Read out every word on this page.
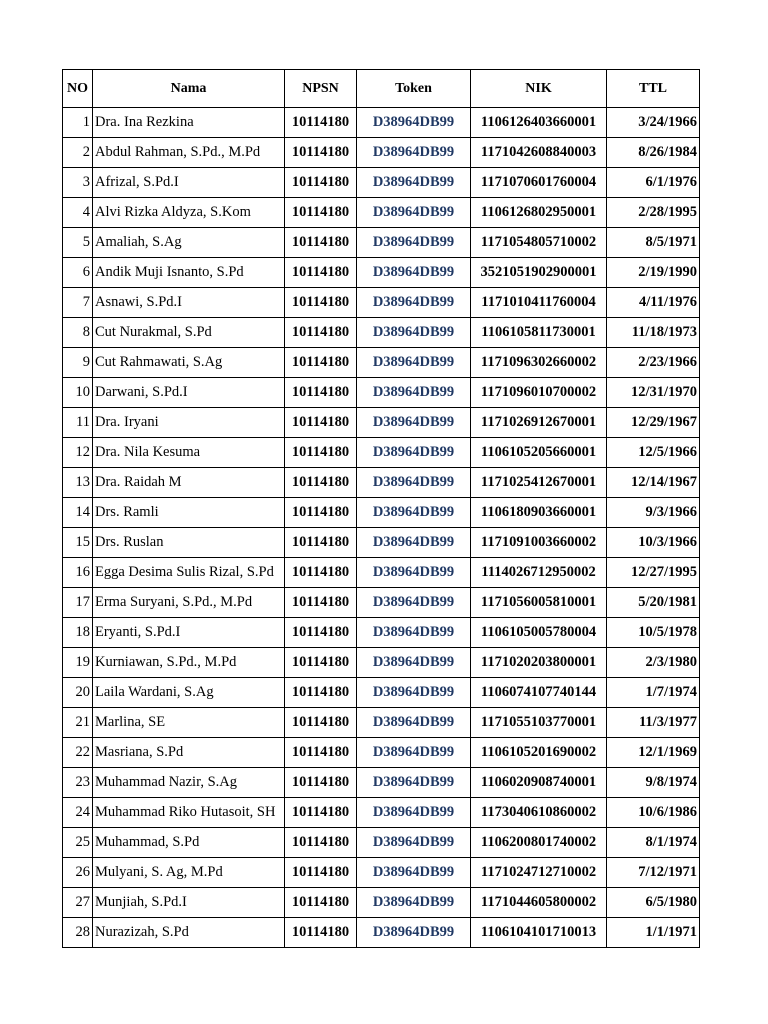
NO	Nama	NPSN	Token	NIK	TTL
1	Dra. Ina Rezkina	10114180	D38964DB99	1106126403660001	3/24/1966
2	Abdul Rahman, S.Pd., M.Pd	10114180	D38964DB99	1171042608840003	8/26/1984
3	Afrizal, S.Pd.I	10114180	D38964DB99	1171070601760004	6/1/1976
4	Alvi Rizka Aldyza, S.Kom	10114180	D38964DB99	1106126802950001	2/28/1995
5	Amaliah, S.Ag	10114180	D38964DB99	1171054805710002	8/5/1971
6	Andik Muji Isnanto, S.Pd	10114180	D38964DB99	3521051902900001	2/19/1990
7	Asnawi, S.Pd.I	10114180	D38964DB99	1171010411760004	4/11/1976
8	Cut Nurakmal, S.Pd	10114180	D38964DB99	1106105811730001	11/18/1973
9	Cut Rahmawati, S.Ag	10114180	D38964DB99	1171096302660002	2/23/1966
10	Darwani, S.Pd.I	10114180	D38964DB99	1171096010700002	12/31/1970
11	Dra. Iryani	10114180	D38964DB99	1171026912670001	12/29/1967
12	Dra. Nila Kesuma	10114180	D38964DB99	1106105205660001	12/5/1966
13	Dra. Raidah M	10114180	D38964DB99	1171025412670001	12/14/1967
14	Drs. Ramli	10114180	D38964DB99	1106180903660001	9/3/1966
15	Drs. Ruslan	10114180	D38964DB99	1171091003660002	10/3/1966
16	Egga Desima Sulis Rizal, S.Pd	10114180	D38964DB99	1114026712950002	12/27/1995
17	Erma Suryani, S.Pd., M.Pd	10114180	D38964DB99	1171056005810001	5/20/1981
18	Eryanti, S.Pd.I	10114180	D38964DB99	1106105005780004	10/5/1978
19	Kurniawan, S.Pd., M.Pd	10114180	D38964DB99	1171020203800001	2/3/1980
20	Laila Wardani, S.Ag	10114180	D38964DB99	1106074107740144	1/7/1974
21	Marlina, SE	10114180	D38964DB99	1171055103770001	11/3/1977
22	Masriana, S.Pd	10114180	D38964DB99	1106105201690002	12/1/1969
23	Muhammad Nazir, S.Ag	10114180	D38964DB99	1106020908740001	9/8/1974
24	Muhammad Riko Hutasoit, SH	10114180	D38964DB99	1173040610860002	10/6/1986
25	Muhammad, S.Pd	10114180	D38964DB99	1106200801740002	8/1/1974
26	Mulyani, S. Ag, M.Pd	10114180	D38964DB99	1171024712710002	7/12/1971
27	Munjiah, S.Pd.I	10114180	D38964DB99	1171044605800002	6/5/1980
28	Nurazizah, S.Pd	10114180	D38964DB99	1106104101710013	1/1/1971
